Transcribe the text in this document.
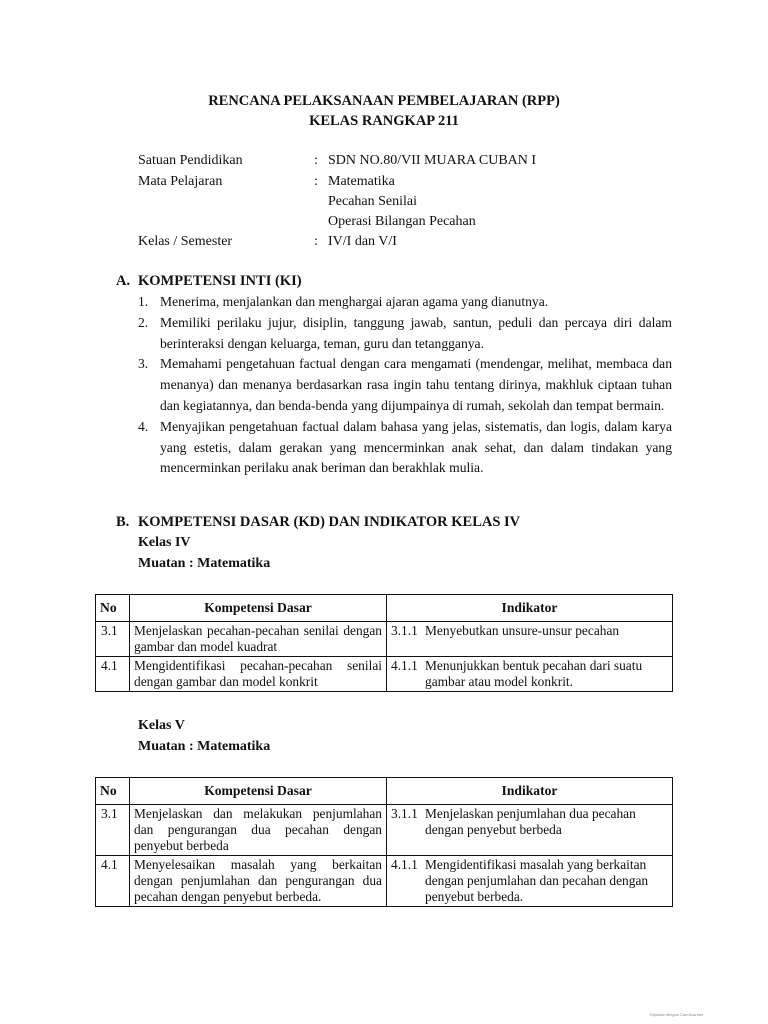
RENCANA PELAKSANAAN PEMBELAJARAN (RPP)
KELAS RANGKAP 211
Satuan Pendidikan	: SDN NO.80/VII MUARA CUBAN I
Mata Pelajaran	: Matematika
Pecahan Senilai
Operasi Bilangan Pecahan
Kelas / Semester	: IV/I dan V/I
A. KOMPETENSI INTI (KI)
1. Menerima, menjalankan dan menghargai ajaran agama yang dianutnya.
2. Memiliki perilaku jujur, disiplin, tanggung jawab, santun, peduli dan percaya diri dalam berinteraksi dengan keluarga, teman, guru dan tetangganya.
3. Memahami pengetahuan factual dengan cara mengamati (mendengar, melihat, membaca dan menanya) dan menanya berdasarkan rasa ingin tahu tentang dirinya, makhluk ciptaan tuhan dan kegiatannya, dan benda-benda yang dijumpainya di rumah, sekolah dan tempat bermain.
4. Menyajikan pengetahuan factual dalam bahasa yang jelas, sistematis, dan logis, dalam karya yang estetis, dalam gerakan yang mencerminkan anak sehat, dan dalam tindakan yang mencerminkan perilaku anak beriman dan berakhlak mulia.
B. KOMPETENSI DASAR (KD) DAN INDIKATOR KELAS IV
Kelas IV
Muatan : Matematika
No	Kompetensi Dasar	Indikator
3.1	Menjelaskan pecahan-pecahan senilai dengan gambar dan model kuadrat	3.1.1 Menyebutkan unsure-unsur pecahan

4.1	Mengidentifikasi pecahan-pecahan senilai dengan gambar dan model konkrit	4.1.1 Menunjukkan bentuk pecahan dari suatu gambar atau model konkrit.
Kelas V
Muatan : Matematika
No	Kompetensi Dasar	Indikator
3.1	Menjelaskan dan melakukan penjumlahan dan pengurangan dua pecahan dengan penyebut berbeda	3.1.1 Menjelaskan penjumlahan dua pecahan dengan penyebut berbeda

4.1	Menyelesaikan masalah yang berkaitan dengan penjumlahan dan pengurangan dua pecahan dengan penyebut berbeda.	4.1.1 Mengidentifikasi masalah yang berkaitan dengan penjumlahan dan pecahan dengan penyebut berbeda.
Dipindai dengan CamScanner
